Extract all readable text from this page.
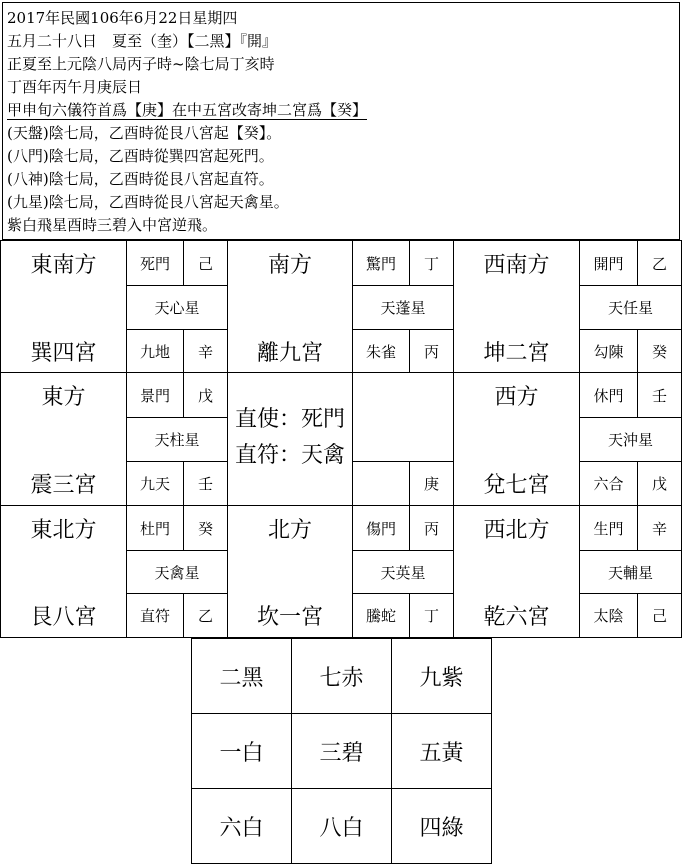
2017年民國106年6月22日星期四
五月二十八日　夏至（奎）【二黑】『開』
正夏至上元陰八局丙子時~陰七局丁亥時
丁酉年丙午月庚辰日
甲申旬六儀符首爲【庚】在中五宮改寄坤二宮爲【癸】
(天盤)陰七局，乙酉時從艮八宮起【癸】。
(八門)陰七局，乙酉時從巽四宮起死門。
(八神)陰七局，乙酉時從艮八宮起直符。
(九星)陰七局，乙酉時從艮八宮起天禽星。
紫白飛星酉時三碧入中宮逆飛。
東南方
巽四宮
死門	己
天心星
九地	辛
南方
離九宮
驚門	丁
天蓬星
朱雀	丙
西南方
坤二宮
開門	乙
天任星
勾陳	癸
東方
震三宮
景門	戊
天柱星
九天	壬
直使：死門
直符：天禽
庚
西方
兌七宮
休門	壬
天沖星
六合	戊
東北方
艮八宮
杜門	癸
天禽星
直符	乙
北方
坎一宮
傷門	丙
天英星
騰蛇	丁
西北方
乾六宮
生門	辛
天輔星
太陰	己
二黑	七赤	九紫
一白	三碧	五黃
六白	八白	四綠
